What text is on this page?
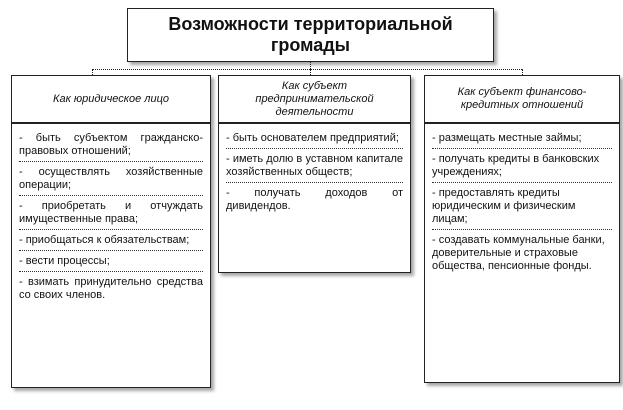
Возможности территориальной
громады
Как юридическое лицо
- быть субъектом гражданско-правовых отношений;
- осуществлять хозяйственные операции;
- приобретать и отчуждать имущественные права;
- приобщаться к обязательствам;
- вести процессы;
- взимать принудительно средства со своих членов.
Как субъект
предпринимательской
деятельности
- быть основателем предприятий;
- иметь долю в уставном капитале хозяйственных обществ;
- получать доходов от дивидендов.
Как субъект финансово-
кредитных отношений
- размещать местные займы;
- получать кредиты в банковских учреждениях;
- предоставлять кредиты юридическим и физическим лицам;
- создавать коммунальные банки, доверительные и страховые общества, пенсионные фонды.
